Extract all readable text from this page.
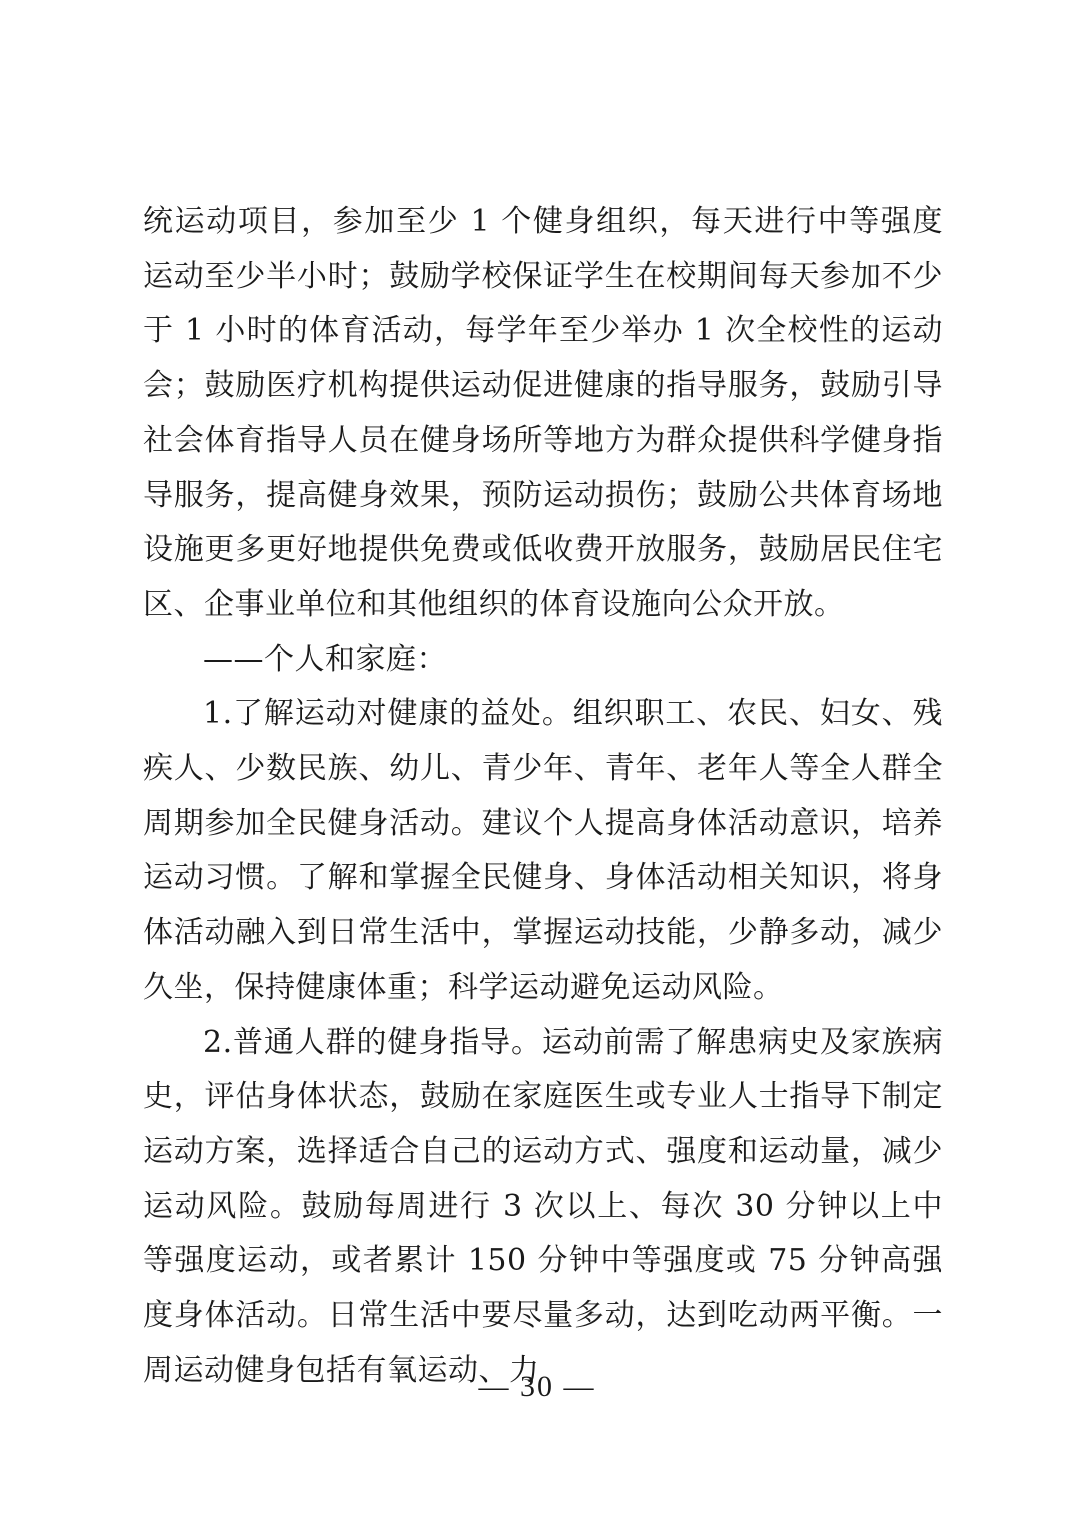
统运动项目，参加至少 1 个健身组织，每天进行中等强度运动至少半小时；鼓励学校保证学生在校期间每天参加不少于 1 小时的体育活动，每学年至少举办 1 次全校性的运动会；鼓励医疗机构提供运动促进健康的指导服务，鼓励引导社会体育指导人员在健身场所等地方为群众提供科学健身指导服务，提高健身效果，预防运动损伤；鼓励公共体育场地设施更多更好地提供免费或低收费开放服务，鼓励居民住宅区、企事业单位和其他组织的体育设施向公众开放。

——个人和家庭：

1.了解运动对健康的益处。组织职工、农民、妇女、残疾人、少数民族、幼儿、青少年、青年、老年人等全人群全周期参加全民健身活动。建议个人提高身体活动意识，培养运动习惯。了解和掌握全民健身、身体活动相关知识，将身体活动融入到日常生活中，掌握运动技能，少静多动，减少久坐，保持健康体重；科学运动避免运动风险。

2.普通人群的健身指导。运动前需了解患病史及家族病史，评估身体状态，鼓励在家庭医生或专业人士指导下制定运动方案，选择适合自己的运动方式、强度和运动量，减少运动风险。鼓励每周进行 3 次以上、每次 30 分钟以上中等强度运动，或者累计 150 分钟中等强度或 75 分钟高强度身体活动。日常生活中要尽量多动，达到吃动两平衡。一周运动健身包括有氧运动、力

— 30 —
